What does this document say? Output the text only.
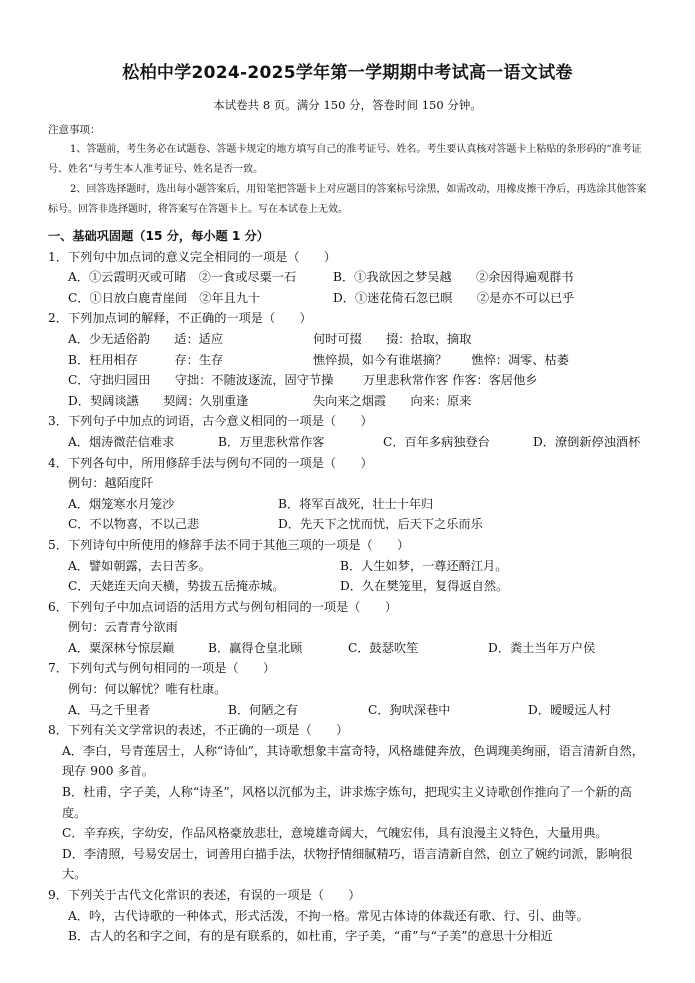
松柏中学2024-2025学年第一学期期中考试高一语文试卷
本试卷共 8 页。满分 150 分，答卷时间 150 分钟。
注意事项：
1、答题前，考生务必在试题卷、答题卡规定的地方填写自己的准考证号、姓名。考生要认真核对答题卡上粘贴的条形码的“准考证号、姓名”与考生本人准考证号、姓名是否一致。
2、回答选择题时，选出每小题答案后，用铅笔把答题卡上对应题目的答案标号涂黑，如需改动，用橡皮擦干净后，再选涂其他答案标号。回答非选择题时，将答案写在答题卡上。写在本试卷上无效。
一、基础巩固题（15 分，每小题 1 分）
1．下列句中加点词的意义完全相同的一项是（　　）
A．①云霞明灭或可睹　②一食或尽粟一石	B．①我欲因之梦吴越　　②余因得遍观群书
C．①日放白鹿青崖间　②年且九十	D．①迷花倚石忽已暝　　②是亦不可以已乎
2．下列加点词的解释，不正确的一项是（　　）
A．少无适俗韵　　适：适应	何时可掇　　掇：拾取，摘取
B．枉用相存　　　存：生存	憔悴损，如今有谁堪摘？　　憔悴：凋零、枯萎
C．守拙归园田　　守拙：不随波逐流，固守节操	万里悲秋常作客 作客：客居他乡
D．契阔谈讌　　契阔：久别重逢	失向来之烟霞　　向来：原来
3．下列句子中加点的词语，古今意义相同的一项是（　　）
A．烟涛微茫信难求	B．万里悲秋常作客	C．百年多病独登台	D．潦倒新停浊酒杯
4．下列各句中，所用修辞手法与例句不同的一项是（　　）
例句：越陌度阡
A．烟笼寒水月笼沙	B．将军百战死，壮士十年归
C．不以物喜，不以己悲	D．先天下之忧而忧，后天下之乐而乐
5．下列诗句中所使用的修辞手法不同于其他三项的一项是（　　）
A．譬如朝露，去日苦多。	B．人生如梦，一尊还酹江月。
C．天姥连天向天横，势拔五岳掩赤城。	D．久在樊笼里，复得返自然。
6．下列句子中加点词语的活用方式与例句相同的一项是（　　）
例句：云青青兮欲雨
A．粟深林兮惊层巅	B．赢得仓皇北顾	C．鼓瑟吹笙	D．粪土当年万户侯
7．下列句式与例句相同的一项是（　　）
例句：何以解忧？唯有杜康。
A．马之千里者	B．何陋之有	C．狗吠深巷中	D．暧暧远人村
8．下列有关文学常识的表述，不正确的一项是（　　）
A．李白，号青莲居士，人称“诗仙”，其诗歌想象丰富奇特，风格雄健奔放，色调瑰美绚丽，语言清新自然，现存 900 多首。
B．杜甫，字子美，人称“诗圣”，风格以沉郁为主，讲求炼字炼句，把现实主义诗歌创作推向了一个新的高度。
C．辛弃疾，字幼安，作品风格豪放悲壮，意境雄奇阔大，气魄宏伟，具有浪漫主义特色，大量用典。
D．李清照，号易安居士，词善用白描手法，状物抒情细腻精巧，语言清新自然，创立了婉约词派，影响很大。
9．下列关于古代文化常识的表述，有误的一项是（　　）
A．吟，古代诗歌的一种体式，形式活泼，不拘一格。常见古体诗的体裁还有歌、行、引、曲等。
B．古人的名和字之间，有的是有联系的，如杜甫，字子美，“甫”与“子美”的意思十分相近
